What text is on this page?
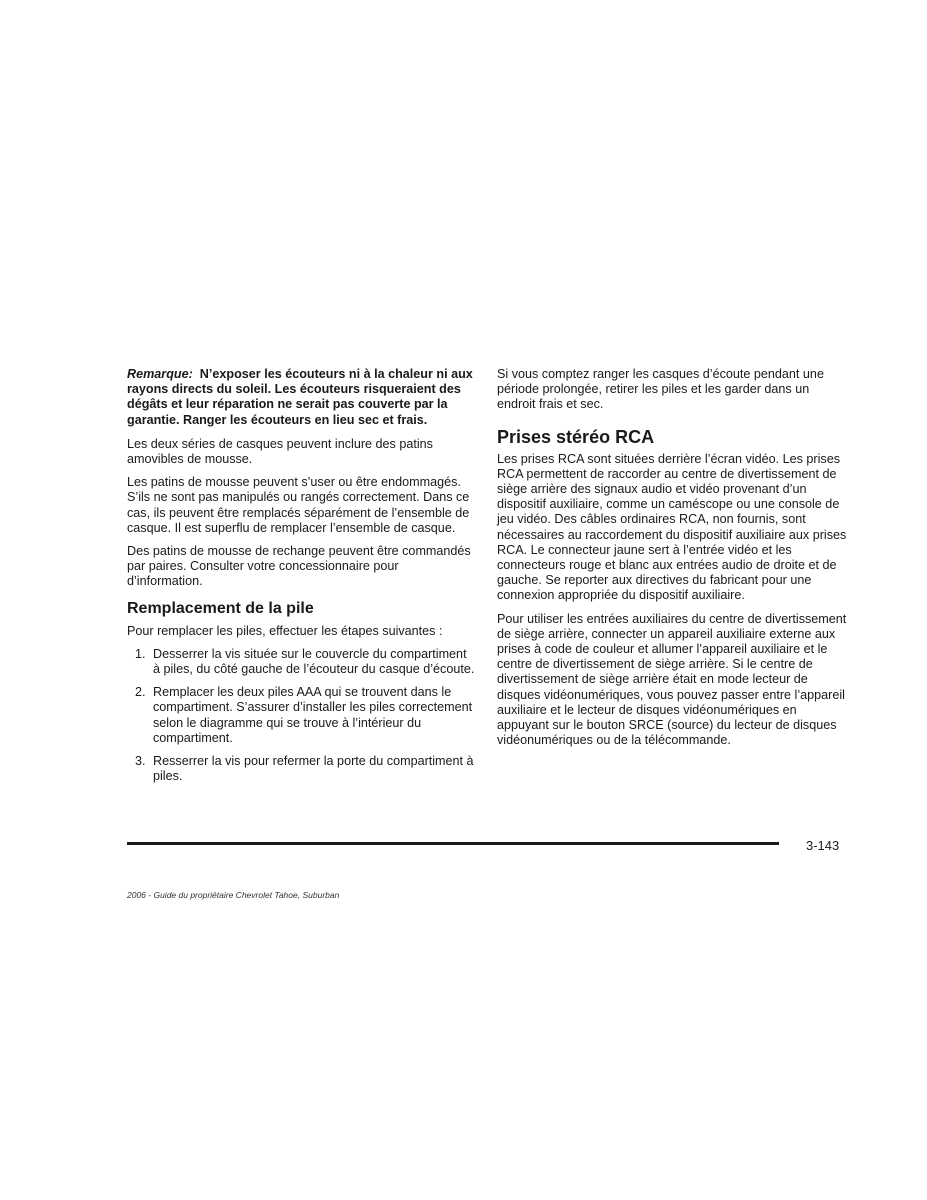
Remarque: N’exposer les écouteurs ni à la chaleur ni aux rayons directs du soleil. Les écouteurs risqueraient des dégâts et leur réparation ne serait pas couverte par la garantie. Ranger les écouteurs en lieu sec et frais.

Les deux séries de casques peuvent inclure des patins amovibles de mousse.

Les patins de mousse peuvent s’user ou être endommagés. S’ils ne sont pas manipulés ou rangés correctement. Dans ce cas, ils peuvent être remplacés séparément de l’ensemble de casque. Il est superflu de remplacer l’ensemble de casque.

Des patins de mousse de rechange peuvent être commandés par paires. Consulter votre concessionnaire pour d’information.

Remplacement de la pile

Pour remplacer les piles, effectuer les étapes suivantes :

1. Desserrer la vis située sur le couvercle du compartiment à piles, du côté gauche de l’écouteur du casque d’écoute.
2. Remplacer les deux piles AAA qui se trouvent dans le compartiment. S’assurer d’installer les piles correctement selon le diagramme qui se trouve à l’intérieur du compartiment.
3. Resserrer la vis pour refermer la porte du compartiment à piles.

Si vous comptez ranger les casques d’écoute pendant une période prolongée, retirer les piles et les garder dans un endroit frais et sec.

Prises stéréo RCA

Les prises RCA sont situées derrière l’écran vidéo. Les prises RCA permettent de raccorder au centre de divertissement de siège arrière des signaux audio et vidéo provenant d’un dispositif auxiliaire, comme un caméscope ou une console de jeu vidéo. Des câbles ordinaires RCA, non fournis, sont nécessaires au raccordement du dispositif auxiliaire aux prises RCA. Le connecteur jaune sert à l’entrée vidéo et les connecteurs rouge et blanc aux entrées audio de droite et de gauche. Se reporter aux directives du fabricant pour une connexion appropriée du dispositif auxiliaire.

Pour utiliser les entrées auxiliaires du centre de divertissement de siège arrière, connecter un appareil auxiliaire externe aux prises à code de couleur et allumer l’appareil auxiliaire et le centre de divertissement de siège arrière. Si le centre de divertissement de siège arrière était en mode lecteur de disques vidéonumériques, vous pouvez passer entre l’appareil auxiliaire et le lecteur de disques vidéonumériques en appuyant sur le bouton SRCE (source) du lecteur de disques vidéonumériques ou de la télécommande.

3-143
2006 - Guide du propriétaire Chevrolet Tahoe, Suburban
